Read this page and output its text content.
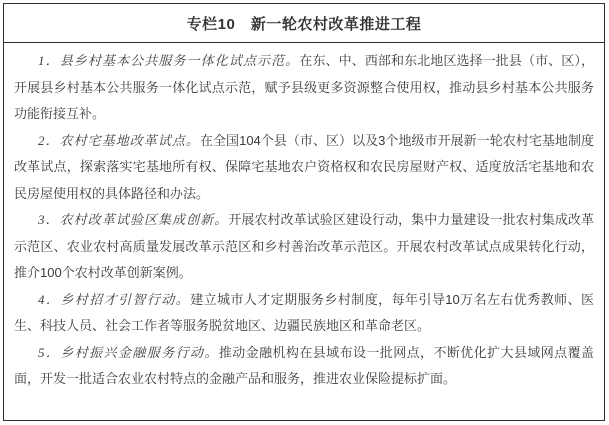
专栏10　新一轮农村改革推进工程

1．县乡村基本公共服务一体化试点示范。在东、中、西部和东北地区选择一批县（市、区），开展县乡村基本公共服务一体化试点示范，赋予县级更多资源整合使用权，推动县乡村基本公共服务功能衔接互补。

2．农村宅基地改革试点。在全国104个县（市、区）以及3个地级市开展新一轮农村宅基地制度改革试点，探索落实宅基地所有权、保障宅基地农户资格权和农民房屋财产权、适度放活宅基地和农民房屋使用权的具体路径和办法。

3．农村改革试验区集成创新。开展农村改革试验区建设行动，集中力量建设一批农村集成改革示范区、农业农村高质量发展改革示范区和乡村善治改革示范区。开展农村改革试点成果转化行动，推介100个农村改革创新案例。

4．乡村招才引智行动。建立城市人才定期服务乡村制度，每年引导10万名左右优秀教师、医生、科技人员、社会工作者等服务脱贫地区、边疆民族地区和革命老区。

5．乡村振兴金融服务行动。推动金融机构在县域布设一批网点，不断优化扩大县域网点覆盖面，开发一批适合农业农村特点的金融产品和服务，推进农业保险提标扩面。
